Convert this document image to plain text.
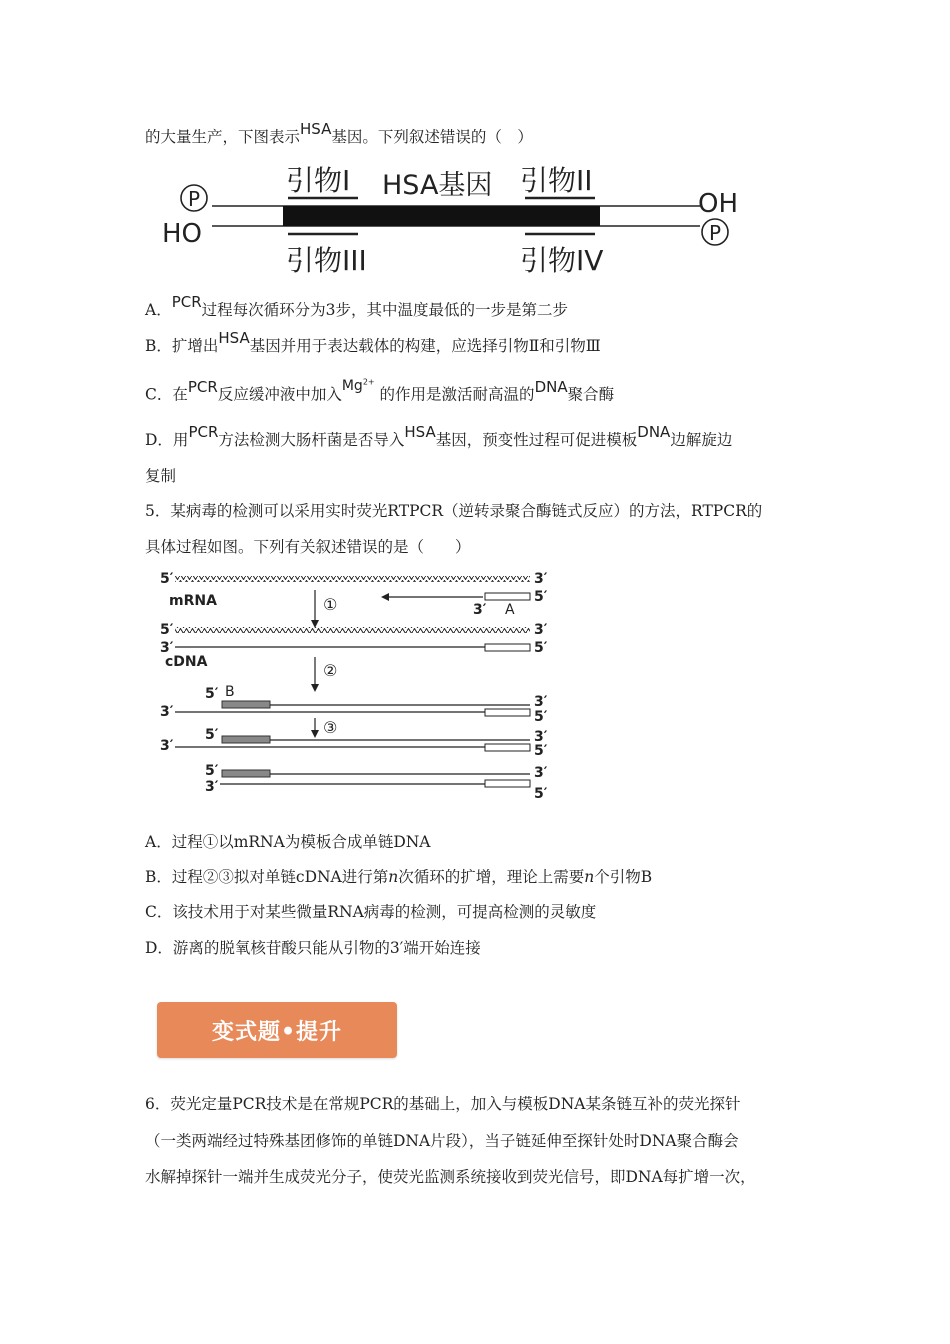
的大量生产，下图表示HSA基因。下列叙述错误的（　）
P
HO
引物I HSA基因 引物II
引物III	引物IV
OH
P
A．PCR过程每次循环分为3步，其中温度最低的一步是第二步
B．扩增出HSA基因并用于表达载体的构建，应选择引物Ⅱ和引物Ⅲ
C．在PCR反应缓冲液中加入$Mg^{2+}$ 的作用是激活耐高温的DNA聚合酶
D．用PCR方法检测大肠杆菌是否导入HSA基因，预变性过程可促进模板DNA边解旋边
复制
5．某病毒的检测可以采用实时荧光RTPCR（逆转录聚合酶链式反应）的方法，RTPCR的
具体过程如图。下列有关叙述错误的是（　　）
5′	3′
mRNA	①	5′
3′ A
5′	3′
3′	5′
cDNA	②
5′ B
3′
3′	5′
③
5′	3′
3′	5′
5′	3′
3′	5′
A．过程①以mRNA为模板合成单链DNA
B．过程②③拟对单链cDNA进行第n次循环的扩增，理论上需要n个引物B
C．该技术用于对某些微量RNA病毒的检测，可提高检测的灵敏度
D．游离的脱氧核苷酸只能从引物的3′端开始连接
变式题•提升
6．荧光定量PCR技术是在常规PCR的基础上，加入与模板DNA某条链互补的荧光探针
（一类两端经过特殊基团修饰的单链DNA片段），当子链延伸至探针处时DNA聚合酶会
水解掉探针一端并生成荧光分子，使荧光监测系统接收到荧光信号，即DNA每扩增一次，
